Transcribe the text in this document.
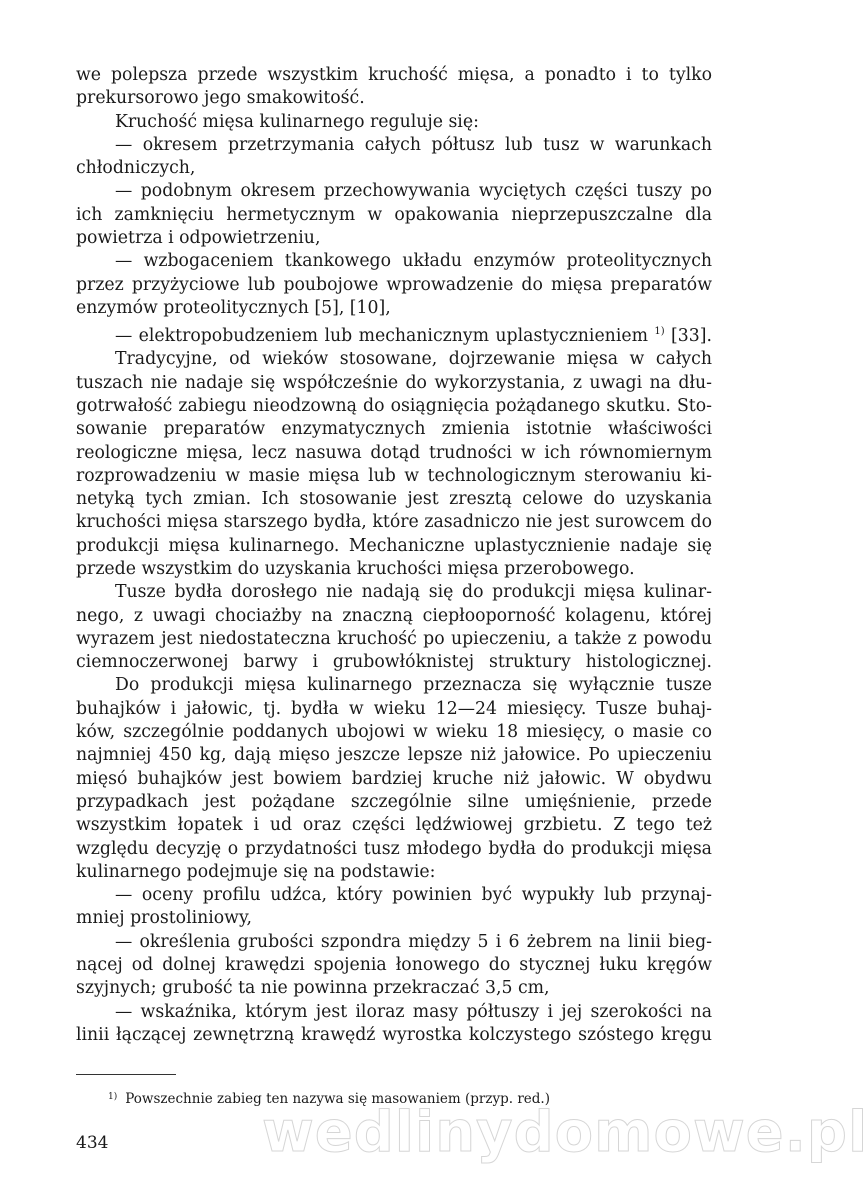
wedlinydomowe.pl

we polepsza przede wszystkim kruchość mięsa, a ponadto i to tylko

prekursorowo jego smakowitość.

Kruchość mięsa kulinarnego reguluje się:

— okresem przetrzymania całych półtusz lub tusz w warunkach

chłodniczych,

— podobnym okresem przechowywania wyciętych części tuszy po

ich zamknięciu hermetycznym w opakowania nieprzepuszczalne dla

powietrza i odpowietrzeniu,

— wzbogaceniem tkankowego układu enzymów proteolitycznych

przez przyżyciowe lub poubojowe wprowadzenie do mięsa preparatów

enzymów proteolitycznych [5], [10],

— elektropobudzeniem lub mechanicznym uplastycznieniem $^{1)}$ [33].

Tradycyjne, od wieków stosowane, dojrzewanie mięsa w całych

tuszach nie nadaje się współcześnie do wykorzystania, z uwagi na dłu-

gotrwałość zabiegu nieodzowną do osiągnięcia pożądanego skutku. Sto-

sowanie preparatów enzymatycznych zmienia istotnie właściwości

reologiczne mięsa, lecz nasuwa dotąd trudności w ich równomiernym

rozprowadzeniu w masie mięsa lub w technologicznym sterowaniu ki-

netyką tych zmian. Ich stosowanie jest zresztą celowe do uzyskania

kruchości mięsa starszego bydła, które zasadniczo nie jest surowcem do

produkcji mięsa kulinarnego. Mechaniczne uplastycznienie nadaje się

przede wszystkim do uzyskania kruchości mięsa przerobowego.

Tusze bydła dorosłego nie nadają się do produkcji mięsa kulinar-

nego, z uwagi chociażby na znaczną ciepłooporność kolagenu, której

wyrazem jest niedostateczna kruchość po upieczeniu, a także z powodu

ciemnoczerwonej barwy i grubowłóknistej struktury histologicznej.

Do produkcji mięsa kulinarnego przeznacza się wyłącznie tusze

buhajków i jałowic, tj. bydła w wieku 12—24 miesięcy. Tusze buhaj-

ków, szczególnie poddanych ubojowi w wieku 18 miesięcy, o masie co

najmniej 450 kg, dają mięso jeszcze lepsze niż jałowice. Po upieczeniu

mięsó buhajków jest bowiem bardziej kruche niż jałowic. W obydwu

przypadkach jest pożądane szczególnie silne umięśnienie, przede

wszystkim łopatek i ud oraz części lędźwiowej grzbietu. Z tego też

względu decyzję o przydatności tusz młodego bydła do produkcji mięsa

kulinarnego podejmuje się na podstawie:

— oceny profilu udźca, który powinien być wypukły lub przynaj-

mniej prostoliniowy,

— określenia grubości szpondra między 5 i 6 żebrem na linii bieg-

nącej od dolnej krawędzi spojenia łonowego do stycznej łuku kręgów

szyjnych; grubość ta nie powinna przekraczać 3,5 cm,

— wskaźnika, którym jest iloraz masy półtuszy i jej szerokości na

linii łączącej zewnętrzną krawędź wyrostka kolczystego szóstego kręgu

$^{1)}$ Powszechnie zabieg ten nazywa się masowaniem (przyp. red.)
434
